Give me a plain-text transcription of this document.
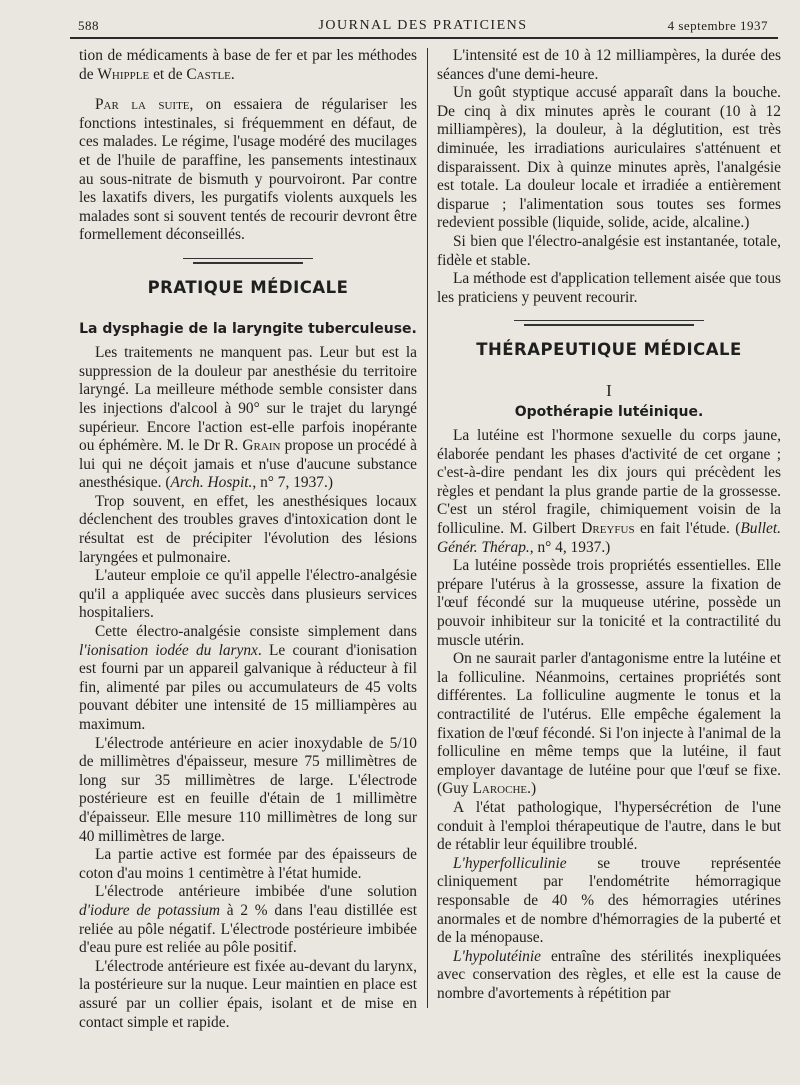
588	JOURNAL DES PRATICIENS	4 septembre 1937

tion de médicaments à base de fer et par les méthodes de Whipple et de Castle.

Par la suite, on essaiera de régulariser les fonctions intestinales, si fréquemment en défaut, de ces malades. Le régime, l'usage modéré des mucilages et de l'huile de paraffine, les pansements intestinaux au sous-nitrate de bismuth y pourvoiront. Par contre les laxatifs divers, les purgatifs violents auxquels les malades sont si souvent tentés de recourir devront être formellement déconseillés.

PRATIQUE MÉDICALE
La dysphagie de la laryngite tuberculeuse.

Les traitements ne manquent pas. Leur but est la suppression de la douleur par anesthésie du territoire laryngé. La meilleure méthode semble consister dans les injections d'alcool à 90° sur le trajet du laryngé supérieur. Encore l'action est-elle parfois inopérante ou éphémère. M. le Dr R. Grain propose un procédé à lui qui ne déçoit jamais et n'use d'aucune substance anesthésique. (Arch. Hospit., n° 7, 1937.)

Trop souvent, en effet, les anesthésiques locaux déclenchent des troubles graves d'intoxication dont le résultat est de précipiter l'évolution des lésions laryngées et pulmonaire.

L'auteur emploie ce qu'il appelle l'électro-analgésie qu'il a appliquée avec succès dans plusieurs services hospitaliers.

Cette électro-analgésie consiste simplement dans l'ionisation iodée du larynx. Le courant d'ionisation est fourni par un appareil galvanique à réducteur à fil fin, alimenté par piles ou accumulateurs de 45 volts pouvant débiter une intensité de 15 milliampères au maximum.

L'électrode antérieure en acier inoxydable de 5/10 de millimètres d'épaisseur, mesure 75 millimètres de long sur 35 millimètres de large. L'électrode postérieure est en feuille d'étain de 1 millimètre d'épaisseur. Elle mesure 110 millimètres de long sur 40 millimètres de large.

La partie active est formée par des épaisseurs de coton d'au moins 1 centimètre à l'état humide.

L'électrode antérieure imbibée d'une solution d'iodure de potassium à 2 % dans l'eau distillée est reliée au pôle négatif. L'électrode postérieure imbibée d'eau pure est reliée au pôle positif.

L'électrode antérieure est fixée au-devant du larynx, la postérieure sur la nuque. Leur maintien en place est assuré par un collier épais, isolant et de mise en contact simple et rapide.

L'intensité est de 10 à 12 milliampères, la durée des séances d'une demi-heure.

Un goût styptique accusé apparaît dans la bouche. De cinq à dix minutes après le courant (10 à 12 milliampères), la douleur, à la déglutition, est très diminuée, les irradiations auriculaires s'atténuent et disparaissent. Dix à quinze minutes après, l'analgésie est totale. La douleur locale et irradiée a entièrement disparue ; l'alimentation sous toutes ses formes redevient possible (liquide, solide, acide, alcaline.)

Si bien que l'électro-analgésie est instantanée, totale, fidèle et stable.

La méthode est d'application tellement aisée que tous les praticiens y peuvent recourir.

THÉRAPEUTIQUE MÉDICALE
I
Opothérapie lutéinique.

La lutéine est l'hormone sexuelle du corps jaune, élaborée pendant les phases d'activité de cet organe ; c'est-à-dire pendant les dix jours qui précèdent les règles et pendant la plus grande partie de la grossesse. C'est un stérol fragile, chimiquement voisin de la folliculine. M. Gilbert Dreyfus en fait l'étude. (Bullet. Génér. Thérap., n° 4, 1937.)

La lutéine possède trois propriétés essentielles. Elle prépare l'utérus à la grossesse, assure la fixation de l'œuf fécondé sur la muqueuse utérine, possède un pouvoir inhibiteur sur la tonicité et la contractilité du muscle utérin.

On ne saurait parler d'antagonisme entre la lutéine et la folliculine. Néanmoins, certaines propriétés sont différentes. La folliculine augmente le tonus et la contractilité de l'utérus. Elle empêche également la fixation de l'œuf fécondé. Si l'on injecte à l'animal de la folliculine en même temps que la lutéine, il faut employer davantage de lutéine pour que l'œuf se fixe. (Guy Laroche.)

A l'état pathologique, l'hypersécrétion de l'une conduit à l'emploi thérapeutique de l'autre, dans le but de rétablir leur équilibre troublé.

L'hyperfolliculinie se trouve représentée cliniquement par l'endométrite hémorragique responsable de 40 % des hémorragies utérines anormales et de nombre d'hémorragies de la puberté et de la ménopause.

L'hypolutéinie entraîne des stérilités inexpliquées avec conservation des règles, et elle est la cause de nombre d'avortements à répétition par
